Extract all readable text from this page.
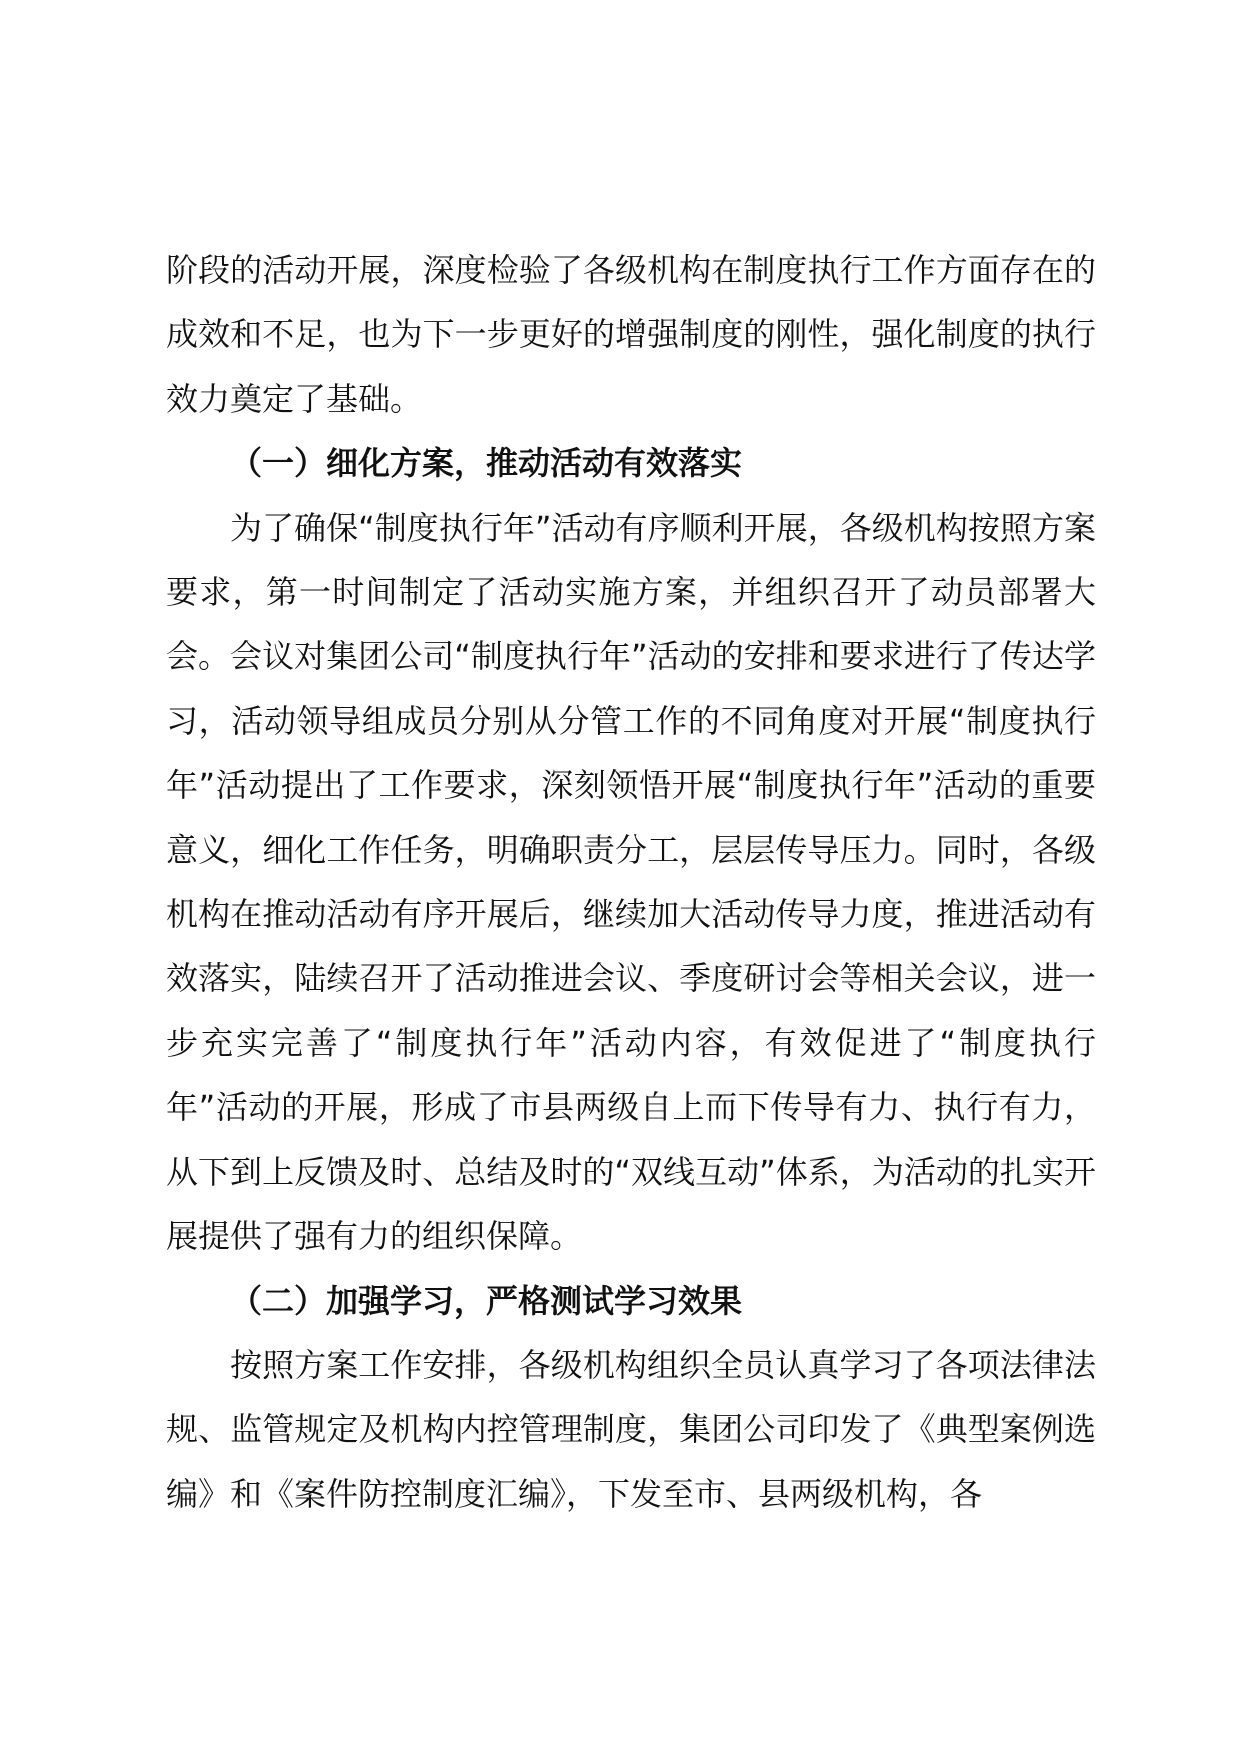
阶段的活动开展，深度检验了各级机构在制度执行工作方面存在的成效和不足，也为下一步更好的增强制度的刚性，强化制度的执行效力奠定了基础。

（一）细化方案，推动活动有效落实

为了确保“制度执行年”活动有序顺利开展，各级机构按照方案要求，第一时间制定了活动实施方案，并组织召开了动员部署大会。会议对集团公司“制度执行年”活动的安排和要求进行了传达学习，活动领导组成员分别从分管工作的不同角度对开展“制度执行年”活动提出了工作要求，深刻领悟开展“制度执行年”活动的重要意义，细化工作任务，明确职责分工，层层传导压力。同时，各级机构在推动活动有序开展后，继续加大活动传导力度，推进活动有效落实，陆续召开了活动推进会议、季度研讨会等相关会议，进一步充实完善了“制度执行年”活动内容，有效促进了“制度执行年”活动的开展，形成了市县两级自上而下传导有力、执行有力，从下到上反馈及时、总结及时的“双线互动”体系，为活动的扎实开展提供了强有力的组织保障。

（二）加强学习，严格测试学习效果

按照方案工作安排，各级机构组织全员认真学习了各项法律法规、监管规定及机构内控管理制度，集团公司印发了《典型案例选编》和《案件防控制度汇编》，下发至市、县两级机构，各
